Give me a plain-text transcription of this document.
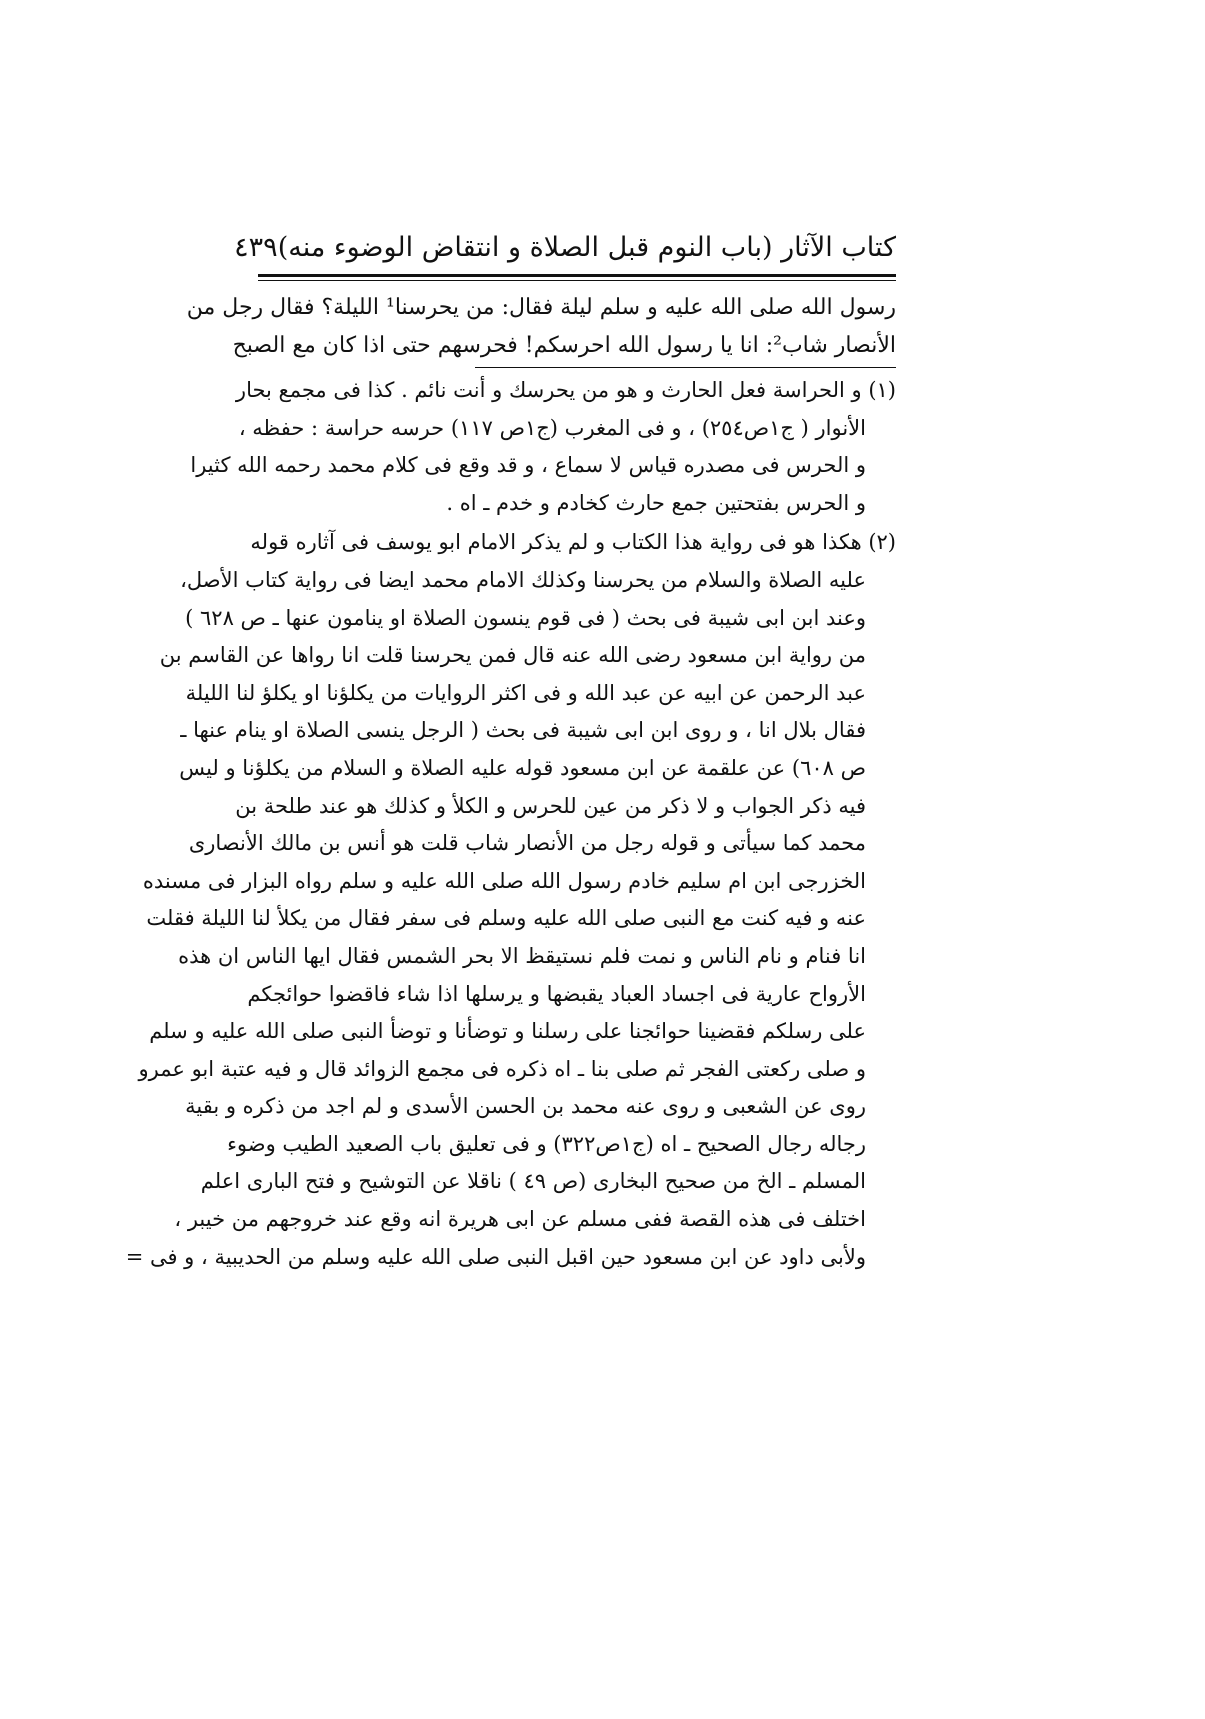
كتاب الآثار (باب النوم قبل الصلاة و انتقاض الوضوء منه)
٤٣٩
رسول الله صلى الله عليه و سلم ليلة فقال: من يحرسنا¹ الليلة؟ فقال رجل من
الأنصار شاب²: انا يا رسول الله احرسكم! فحرسهم حتى اذا كان مع الصبح
(١) و الحراسة فعل الحارث و هو من يحرسك و أنت نائم . كذا فى مجمع بحار
الأنوار ( ج١ص٢٥٤) ، و فى المغرب (ج١ص ١١٧) حرسه حراسة : حفظه ،
و الحرس فى مصدره قياس لا سماع ، و قد وقع فى كلام محمد رحمه الله كثيرا
و الحرس بفتحتين جمع حارث كخادم و خدم ـ اه .
(٢) هكذا هو فى رواية هذا الكتاب و لم يذكر الامام ابو يوسف فى آثاره قوله
عليه الصلاة والسلام من يحرسنا وكذلك الامام محمد ايضا فى رواية كتاب الأصل،
وعند ابن ابى شيبة فى بحث ( فى قوم ينسون الصلاة او ينامون عنها ـ ص ٦٢٨ )
من رواية ابن مسعود رضى الله عنه قال فمن يحرسنا قلت انا رواها عن القاسم بن
عبد الرحمن عن ابيه عن عبد الله و فى اكثر الروايات من يكلؤنا او يكلؤ لنا الليلة
فقال بلال انا ، و روى ابن ابى شيبة فى بحث ( الرجل ينسى الصلاة او ينام عنها ـ
ص ٦٠٨) عن علقمة عن ابن مسعود قوله عليه الصلاة و السلام من يكلؤنا و ليس
فيه ذكر الجواب و لا ذكر من عين للحرس و الكلأ و كذلك هو عند طلحة بن
محمد كما سيأتى و قوله رجل من الأنصار شاب قلت هو أنس بن مالك الأنصارى
الخزرجى ابن ام سليم خادم رسول الله صلى الله عليه و سلم رواه البزار فى مسنده
عنه و فيه كنت مع النبى صلى الله عليه وسلم فى سفر فقال من يكلأ لنا الليلة فقلت
انا فنام و نام الناس و نمت فلم نستيقظ الا بحر الشمس فقال ايها الناس ان هذه
الأرواح عارية فى اجساد العباد يقبضها و يرسلها اذا شاء فاقضوا حوائجكم
على رسلكم فقضينا حوائجنا على رسلنا و توضأنا و توضأ النبى صلى الله عليه و سلم
و صلى ركعتى الفجر ثم صلى بنا ـ اه ذكره فى مجمع الزوائد قال و فيه عتبة ابو عمرو
روى عن الشعبى و روى عنه محمد بن الحسن الأسدى و لم اجد من ذكره و بقية
رجاله رجال الصحيح ـ اه (ج١ص٣٢٢) و فى تعليق باب الصعيد الطيب وضوء
المسلم ـ الخ من صحيح البخارى (ص ٤٩ ) ناقلا عن التوشيح و فتح البارى اعلم
اختلف فى هذه القصة ففى مسلم عن ابى هريرة انه وقع عند خروجهم من خيبر ،
ولأبى داود عن ابن مسعود حين اقبل النبى صلى الله عليه وسلم من الحديبية ، و فى =
